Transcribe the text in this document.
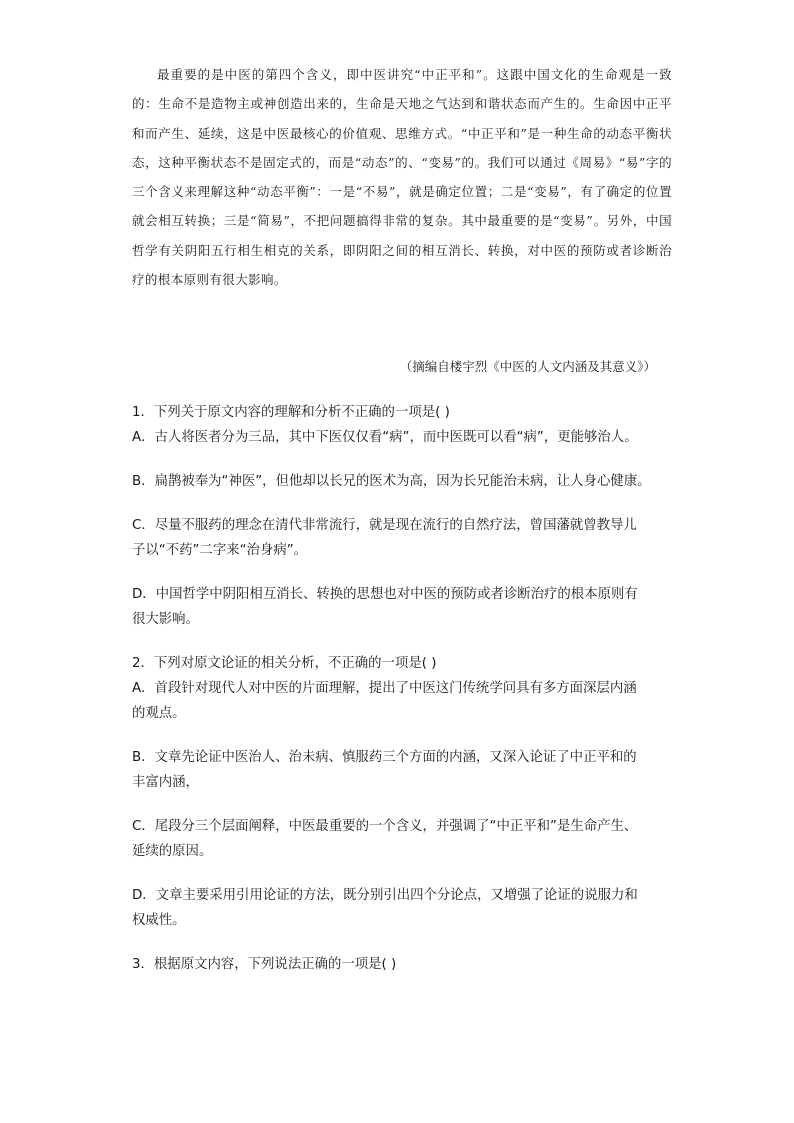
最重要的是中医的第四个含义，即中医讲究“中正平和”。这跟中国文化的生命观是一致的：生命不是造物主或神创造出来的，生命是天地之气达到和谐状态而产生的。生命因中正平和而产生、延续，这是中医最核心的价值观、思维方式。“中正平和”是一种生命的动态平衡状态，这种平衡状态不是固定式的，而是“动态”的、“变易”的。我们可以通过《周易》“易”字的三个含义来理解这种“动态平衡”：一是“不易”，就是确定位置；二是“变易”，有了确定的位置就会相互转换；三是“简易”，不把问题搞得非常的复杂。其中最重要的是“变易”。另外，中国哲学有关阴阳五行相生相克的关系，即阴阳之间的相互消长、转换，对中医的预防或者诊断治疗的根本原则有很大影响。

（摘编自楼宇烈《中医的人文内涵及其意义》）

1．下列关于原文内容的理解和分析不正确的一项是( )

A．古人将医者分为三品，其中下医仅仅看“病”，而中医既可以看“病”，更能够治人。

B．扁鹊被奉为“神医”，但他却以长兄的医术为高，因为长兄能治未病，让人身心健康。

C．尽量不服药的理念在清代非常流行，就是现在流行的自然疗法，曾国藩就曾教导儿

子以“不药”二字来“治身病”。

D．中国哲学中阴阳相互消长、转换的思想也对中医的预防或者诊断治疗的根本原则有

很大影响。

2．下列对原文论证的相关分析，不正确的一项是( )

A．首段针对现代人对中医的片面理解，提出了中医这门传统学问具有多方面深层内涵

的观点。

B．文章先论证中医治人、治未病、慎服药三个方面的内涵，又深入论证了中正平和的

丰富内涵，

C．尾段分三个层面阐释，中医最重要的一个含义，并强调了“中正平和”是生命产生、

延续的原因。

D．文章主要采用引用论证的方法，既分别引出四个分论点，又增强了论证的说服力和

权威性。

3．根据原文内容，下列说法正确的一项是( )
